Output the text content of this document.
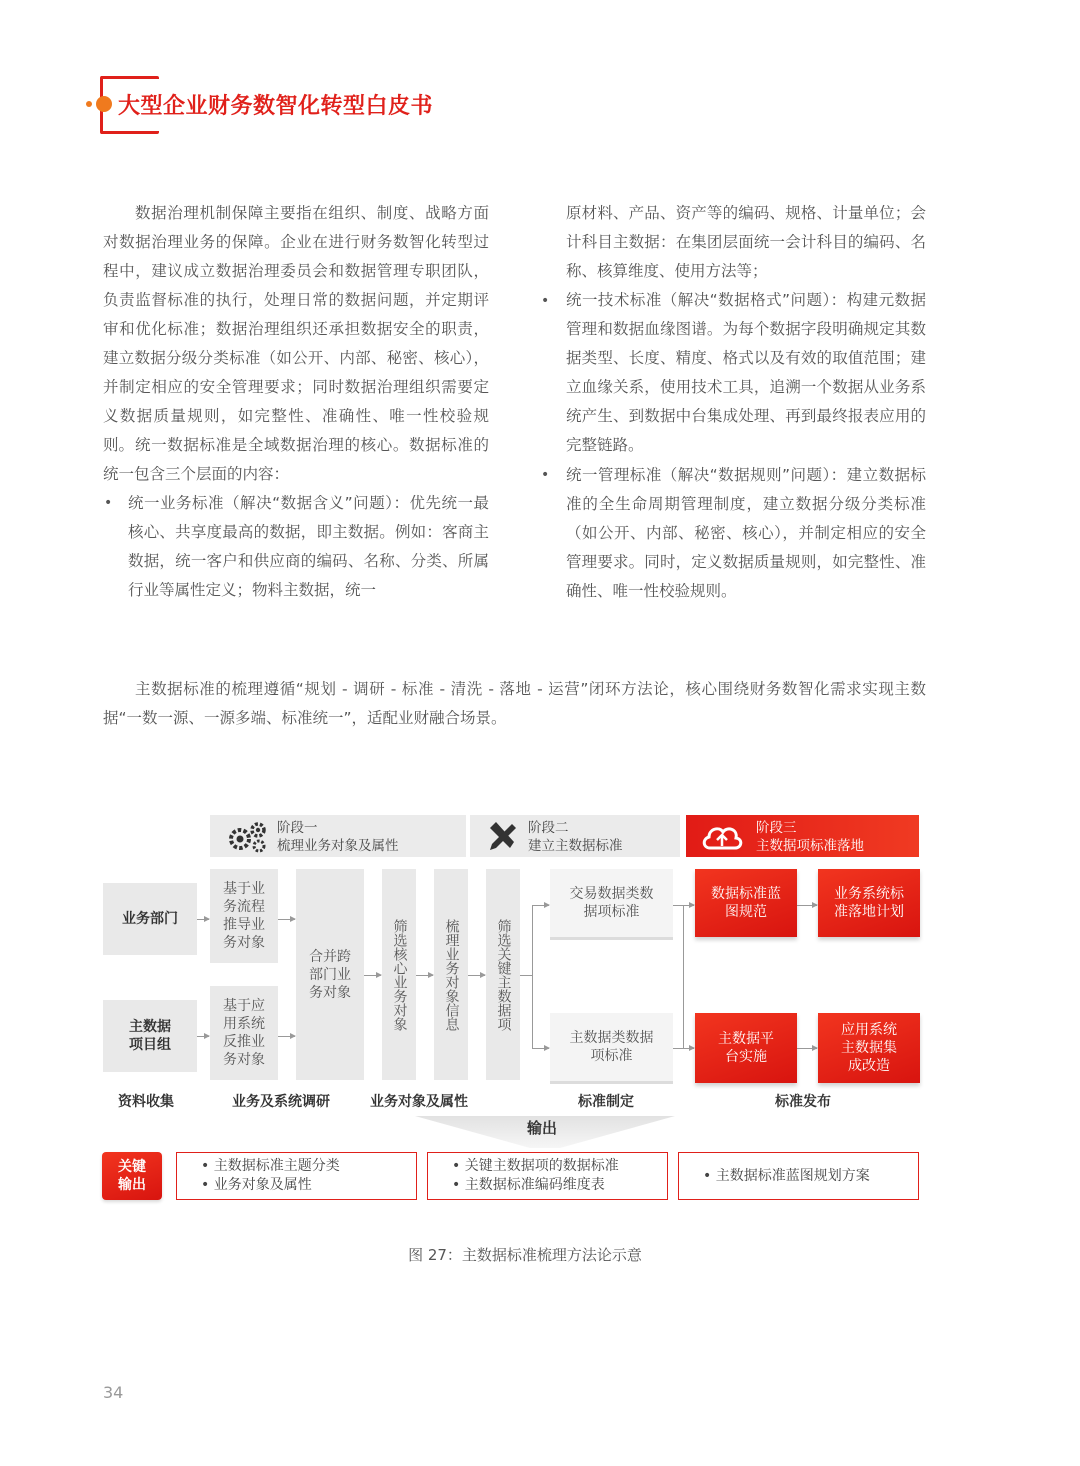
大型企业财务数智化转型白皮书

数据治理机制保障主要指在组织、制度、战略方面对数据治理业务的保障。企业在进行财务数智化转型过程中，建议成立数据治理委员会和数据管理专职团队，负责监督标准的执行，处理日常的数据问题，并定期评审和优化标准；数据治理组织还承担数据安全的职责，建立数据分级分类标准（如公开、内部、秘密、核心），并制定相应的安全管理要求；同时数据治理组织需要定义数据质量规则，如完整性、准确性、唯一性校验规则。 统一数据标准是全域数据治理的核心。数据标准的统一包含三个层面的内容：

• 统一业务标准（解决“数据含义”问题）：优先统一最核心、共享度最高的数据，即主数据。例如：客商主数据，统一客户和供应商的编码、名称、分类、所属行业等属性定义；物料主数据，统一

原材料、产品、资产等的编码、规格、计量单位；会计科目主数据：在集团层面统一会计科目的编码、名称、核算维度、使用方法等；

• 统一技术标准（解决“数据格式”问题）：构建元数据管理和数据血缘图谱。为每个数据字段明确规定其数据类型、长度、精度、格式以及有效的取值范围；建立血缘关系，使用技术工具，追溯一个数据从业务系统产生、到数据中台集成处理、再到最终报表应用的完整链路。

• 统一管理标准（解决“数据规则”问题）：建立数据标准的全生命周期管理制度，建立数据分级分类标准（如公开、内部、秘密、核心），并制定相应的安全管理要求。同时，定义数据质量规则，如完整性、准确性、唯一性校验规则。

主数据标准的梳理遵循“规划 - 调研 - 标准 - 清洗 - 落地 - 运营”闭环方法论，核心围绕财务数智化需求实现主数据“一数一源、一源多端、标准统一”，适配业财融合场景。

阶段一
梳理业务对象及属性
阶段二
建立主数据标准
阶段三
主数据项标准落地
业务部门
主数据项目组
基于业务流程推导业务对象
基于应用系统反推业务对象
合并跨部门业务对象	筛选核心业务对象	梳理业务对象信息	筛选关键主数据项
交易数据类数据项标准
主数据类数据项标准
数据标准蓝图规范
业务系统标准落地计划
主数据平台实施
应用系统主数据集成改造
资料收集	业务及系统调研	业务对象及属性	标准制定	标准发布
输出
关键输出
• 主数据标准主题分类
• 业务对象及属性
• 关键主数据项的数据标准
• 主数据标准编码维度表
• 主数据标准蓝图规划方案
图 27：主数据标准梳理方法论示意
34
